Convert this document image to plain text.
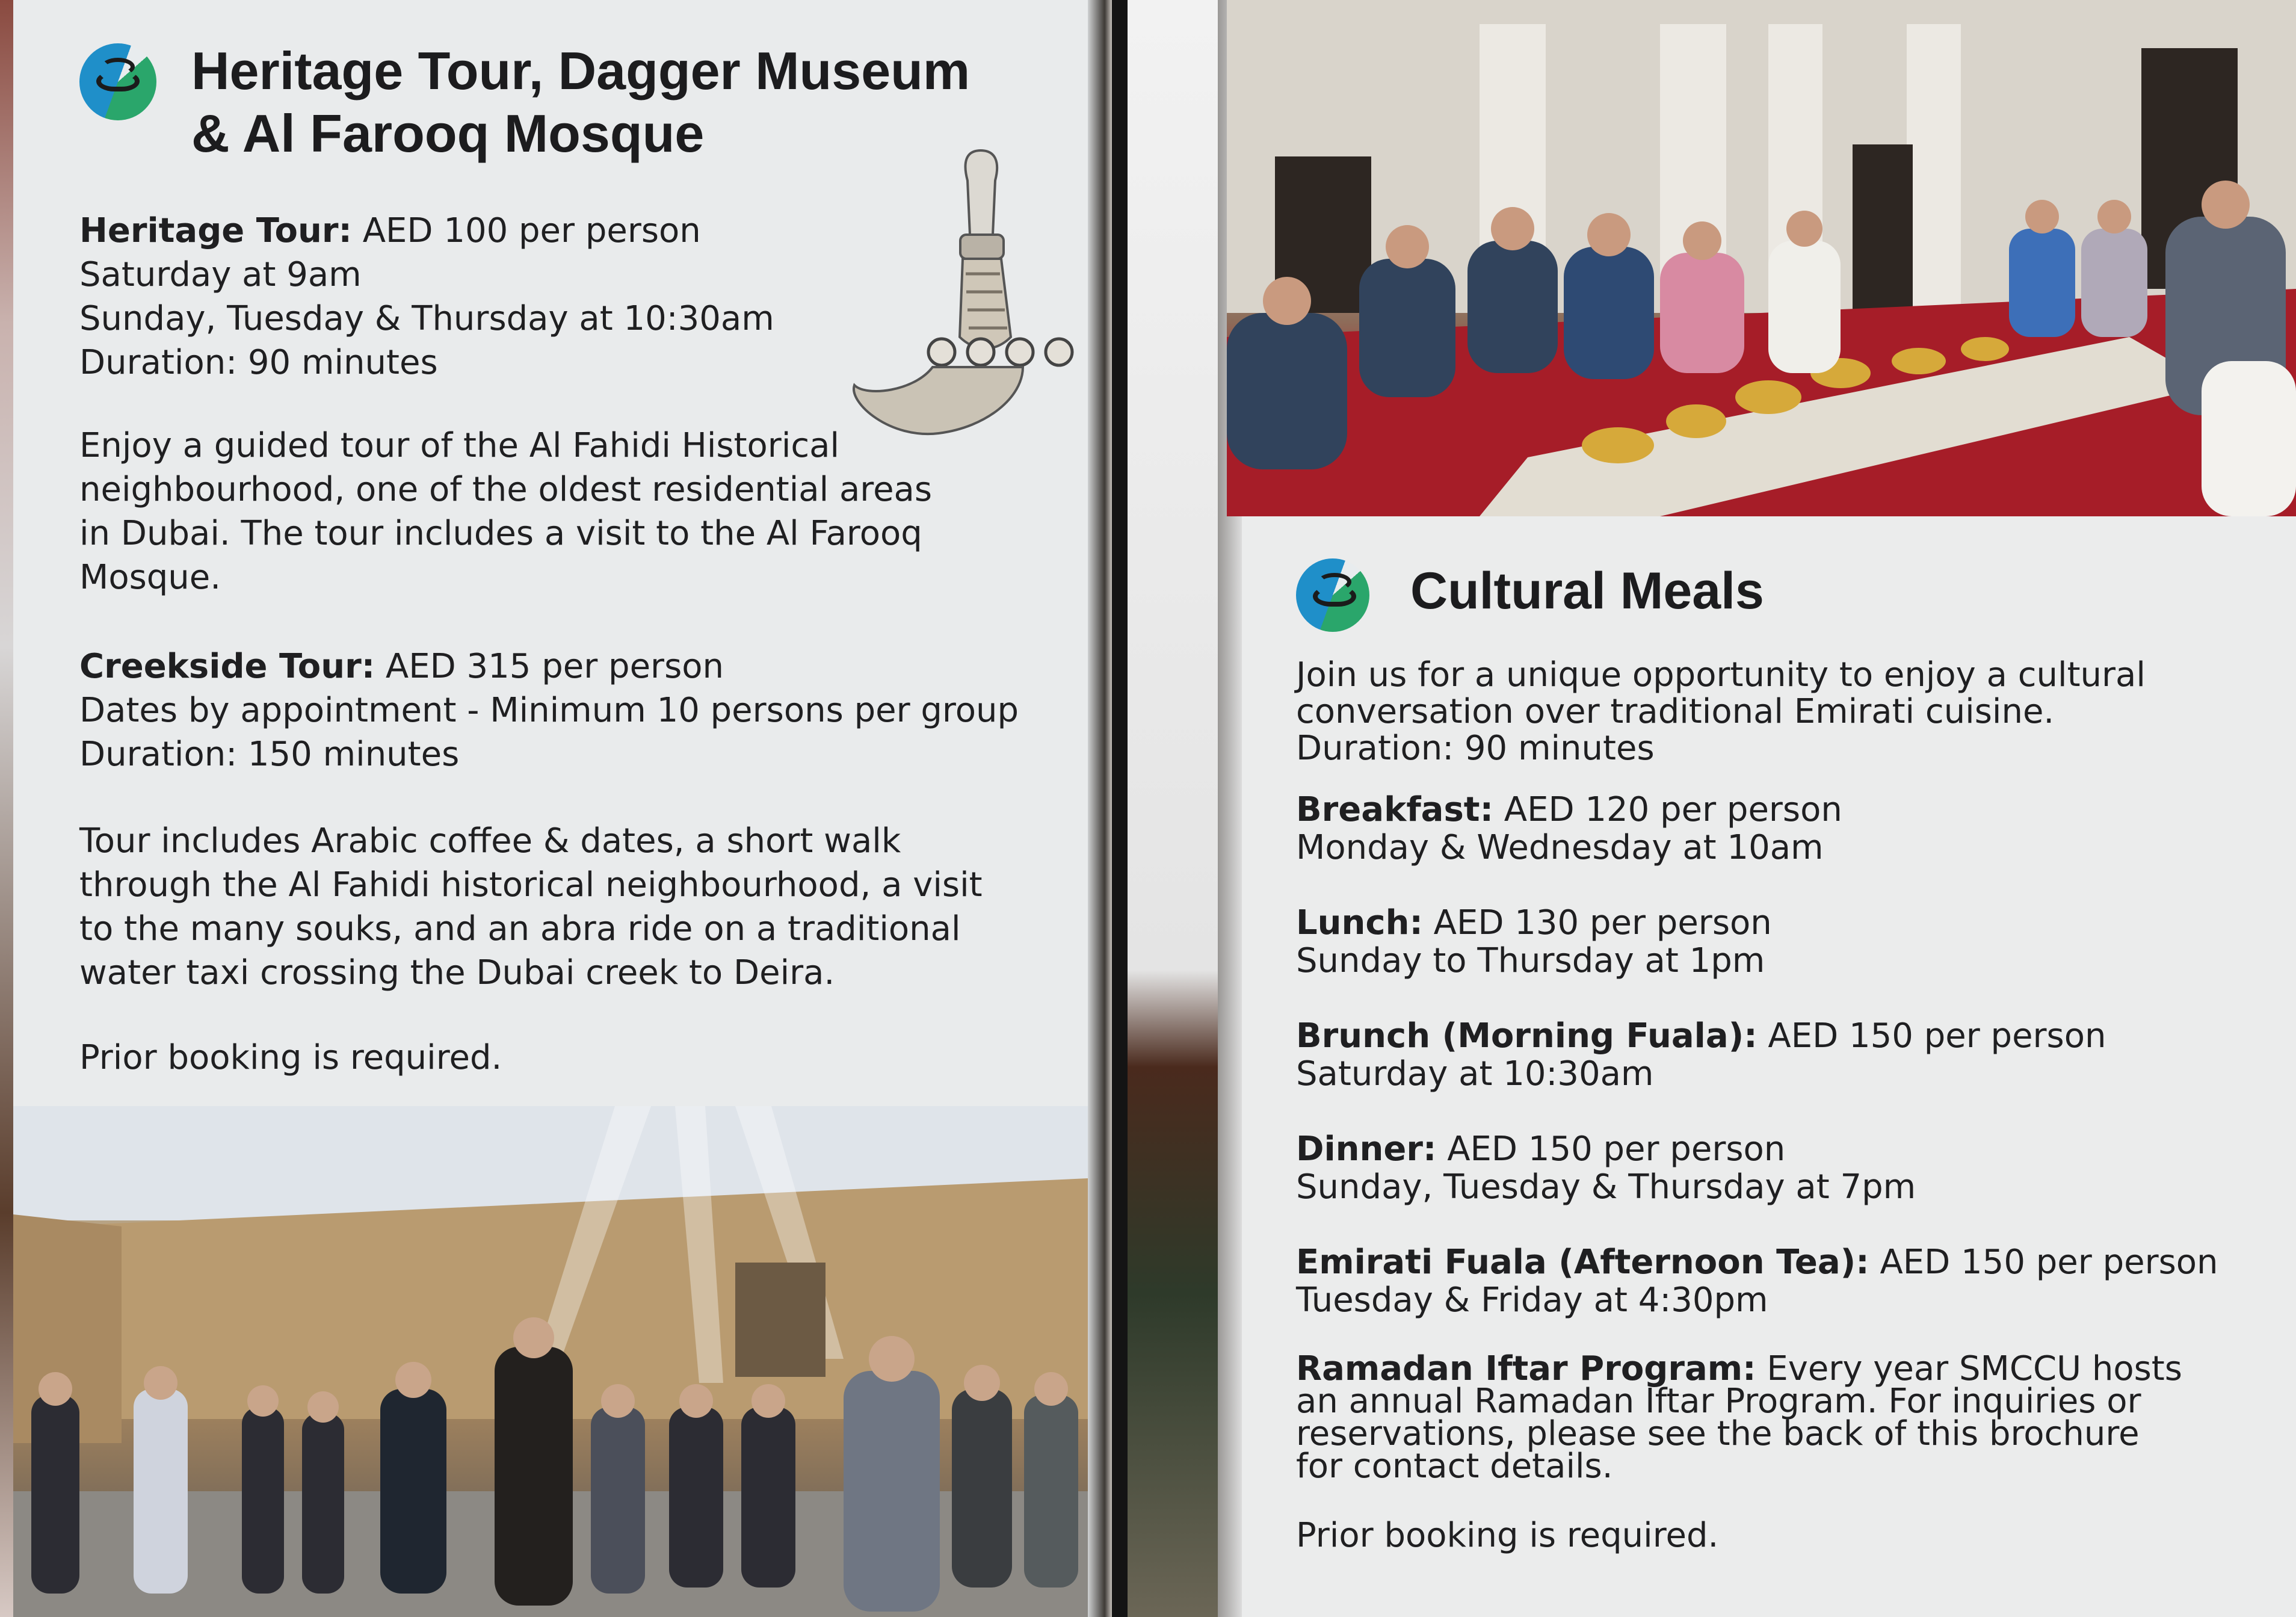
Heritage Tour, Dagger Museum
& Al Farooq Mosque
Heritage Tour: AED 100 per person
Saturday at 9am
Sunday, Tuesday & Thursday at 10:30am
Duration: 90 minutes
Enjoy a guided tour of the Al Fahidi Historical
neighbourhood, one of the oldest residential areas
in Dubai. The tour includes a visit to the Al Farooq
Mosque.
Creekside Tour: AED 315 per person
Dates by appointment - Minimum 10 persons per group
Duration: 150 minutes
Tour includes Arabic coffee & dates, a short walk
through the Al Fahidi historical neighbourhood, a visit
to the many souks, and an abra ride on a traditional
water taxi crossing the Dubai creek to Deira.
Prior booking is required.
Cultural Meals
Join us for a unique opportunity to enjoy a cultural
conversation over traditional Emirati cuisine.
Duration: 90 minutes
Breakfast: AED 120 per person
Monday & Wednesday at 10am
Lunch: AED 130 per person
Sunday to Thursday at 1pm
Brunch (Morning Fuala): AED 150 per person
Saturday at 10:30am
Dinner: AED 150 per person
Sunday, Tuesday & Thursday at 7pm
Emirati Fuala (Afternoon Tea): AED 150 per person
Tuesday & Friday at 4:30pm
Ramadan Iftar Program: Every year SMCCU hosts
an annual Ramadan Iftar Program. For inquiries or
reservations, please see the back of this brochure
for contact details.
Prior booking is required.
